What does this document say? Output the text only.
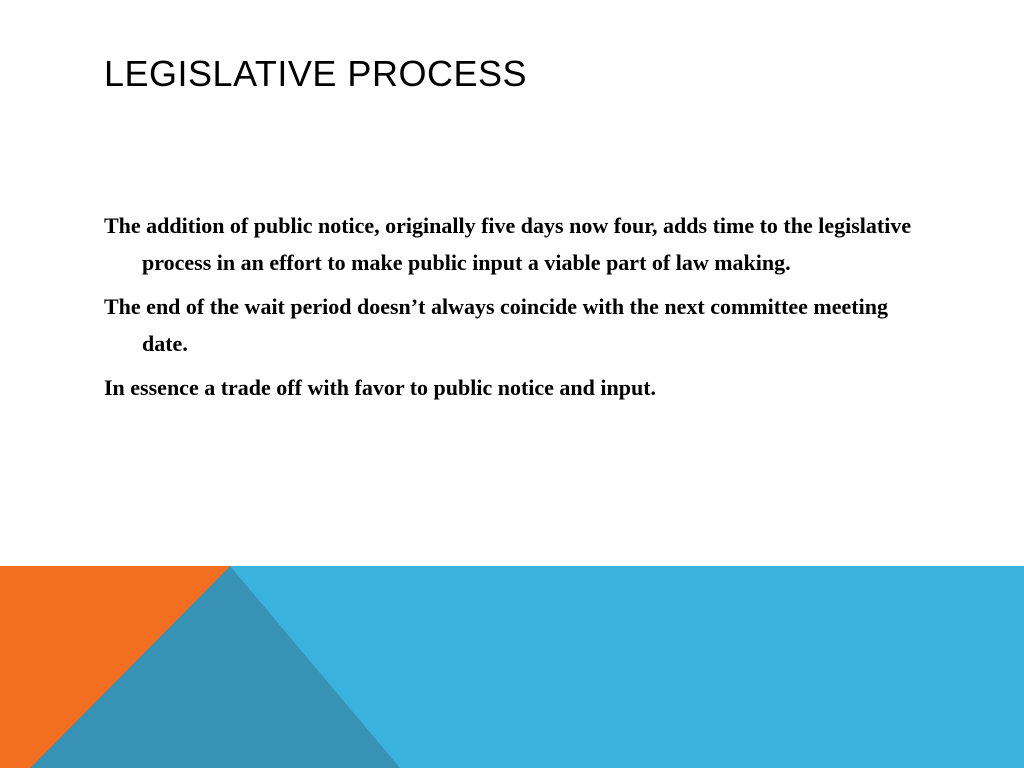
LEGISLATIVE PROCESS
The addition of public notice, originally five days now four, adds time to the legislative process in an effort to make public input a viable part of law making.
The end of the wait period doesn’t always coincide with the next committee meeting date.
In essence a trade off with favor to public notice and input.
